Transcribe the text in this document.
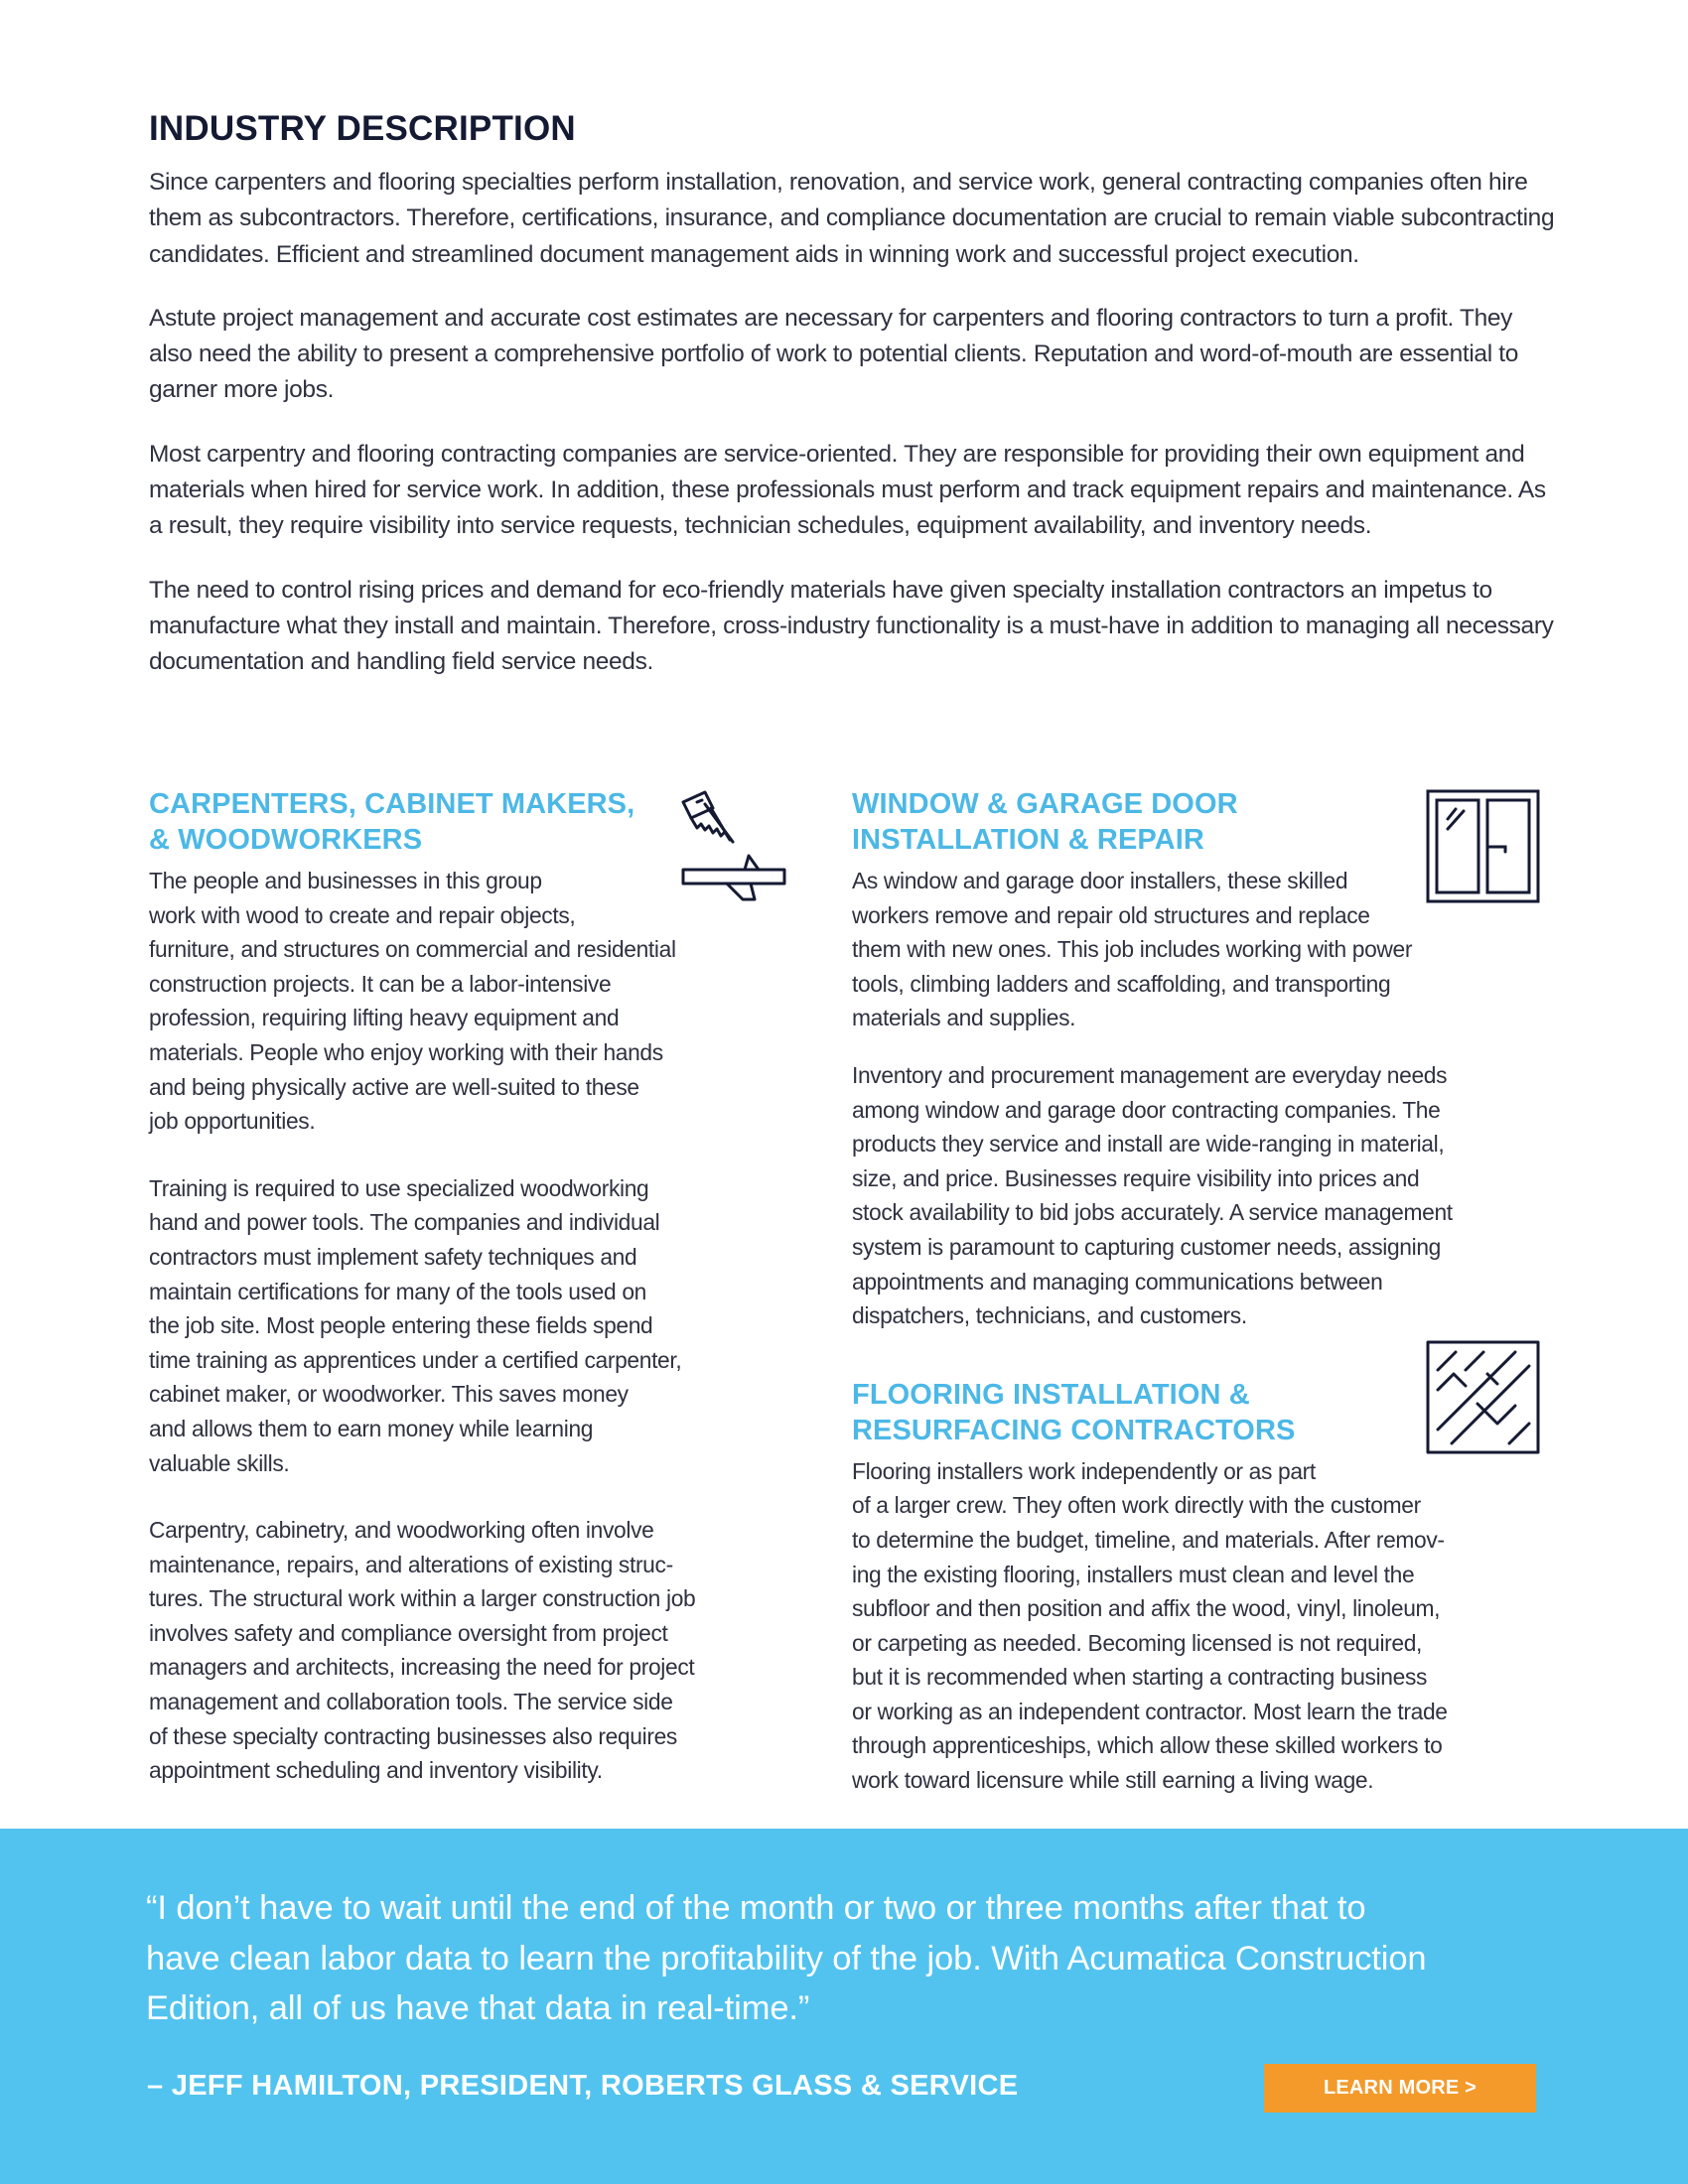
INDUSTRY DESCRIPTION

Since carpenters and flooring specialties perform installation, renovation, and service work, general contracting companies often hire them as subcontractors. Therefore, certifications, insurance, and compliance documentation are crucial to remain viable subcontracting candidates. Efficient and streamlined document management aids in winning work and successful project execution.

Astute project management and accurate cost estimates are necessary for carpenters and flooring contractors to turn a profit. They also need the ability to present a comprehensive portfolio of work to potential clients. Reputation and word-of-mouth are essential to garner more jobs.

Most carpentry and flooring contracting companies are service-oriented. They are responsible for providing their own equipment and materials when hired for service work. In addition, these professionals must perform and track equipment repairs and maintenance. As a result, they require visibility into service requests, technician schedules, equipment availability, and inventory needs.

The need to control rising prices and demand for eco-friendly materials have given specialty installation contractors an impetus to manufacture what they install and maintain. Therefore, cross-industry functionality is a must-have in addition to managing all necessary documentation and handling field service needs.

CARPENTERS, CABINET MAKERS,
& WOODWORKERS

The people and businesses in this group
work with wood to create and repair objects,
furniture, and structures on commercial and residential
construction projects. It can be a labor-intensive
profession, requiring lifting heavy equipment and
materials. People who enjoy working with their hands
and being physically active are well-suited to these
job opportunities.

Training is required to use specialized woodworking
hand and power tools. The companies and individual
contractors must implement safety techniques and
maintain certifications for many of the tools used on
the job site. Most people entering these fields spend
time training as apprentices under a certified carpenter,
cabinet maker, or woodworker. This saves money
and allows them to earn money while learning
valuable skills.

Carpentry, cabinetry, and woodworking often involve
maintenance, repairs, and alterations of existing struc-
tures. The structural work within a larger construction job
involves safety and compliance oversight from project
managers and architects, increasing the need for project
management and collaboration tools. The service side
of these specialty contracting businesses also requires
appointment scheduling and inventory visibility.

WINDOW & GARAGE DOOR
INSTALLATION & REPAIR

As window and garage door installers, these skilled
workers remove and repair old structures and replace
them with new ones. This job includes working with power
tools, climbing ladders and scaffolding, and transporting
materials and supplies.

Inventory and procurement management are everyday needs
among window and garage door contracting companies. The
products they service and install are wide-ranging in material,
size, and price. Businesses require visibility into prices and
stock availability to bid jobs accurately. A service management
system is paramount to capturing customer needs, assigning
appointments and managing communications between
dispatchers, technicians, and customers.

FLOORING INSTALLATION &
RESURFACING CONTRACTORS

Flooring installers work independently or as part
of a larger crew. They often work directly with the customer
to determine the budget, timeline, and materials. After remov-
ing the existing flooring, installers must clean and level the
subfloor and then position and affix the wood, vinyl, linoleum,
or carpeting as needed. Becoming licensed is not required,
but it is recommended when starting a contracting business
or working as an independent contractor. Most learn the trade
through apprenticeships, which allow these skilled workers to
work toward licensure while still earning a living wage.

“I don’t have to wait until the end of the month or two or three months after that to
have clean labor data to learn the profitability of the job. With Acumatica Construction
Edition, all of us have that data in real-time.”

– JEFF HAMILTON, PRESIDENT, ROBERTS GLASS & SERVICE	LEARN MORE >
